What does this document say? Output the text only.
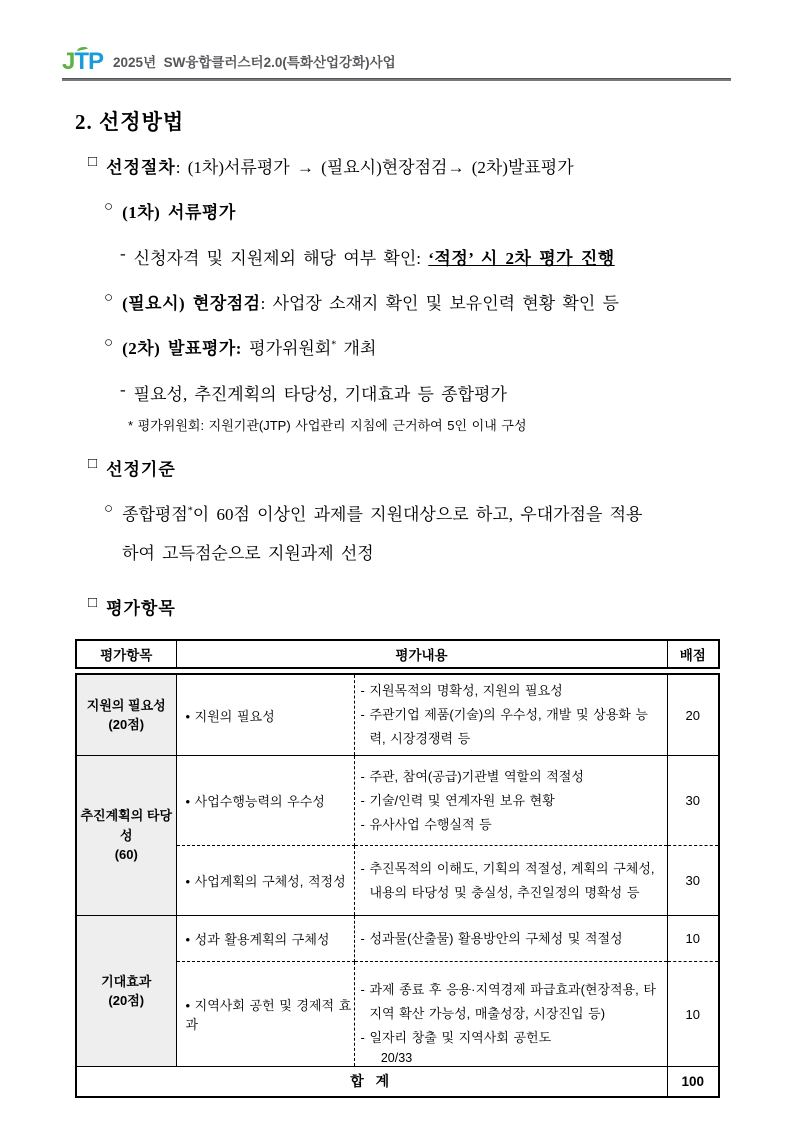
JTP 2025년  SW융합클러스터2.0(특화산업강화)사업
2. 선정방법
□ 선정절차: (1차)서류평가 → (필요시)현장점검→ (2차)발표평가
○ (1차) 서류평가
- 신청자격 및 지원제외 해당 여부 확인: ‘적정’ 시 2차 평가 진행
○ (필요시) 현장점검: 사업장 소재지 확인 및 보유인력 현황 확인 등
○ (2차) 발표평가: 평가위원회* 개최
- 필요성, 추진계획의 타당성, 기대효과 등 종합평가
* 평가위원회: 지원기관(JTP) 사업관리 지침에 근거하여 5인 이내 구성
□ 선정기준
○ 종합평점*이 60점 이상인 과제를 지원대상으로 하고, 우대가점을 적용
하여 고득점순으로 지원과제 선정
□ 평가항목
평가항목	평가내용	배점
지원의 필요성
(20점)
	• 지원의 필요성	
- 지원목적의 명확성, 지원의 필요성
- 주관기업 제품(기술)의 우수성, 개발 및 상용화 능력, 시장경쟁력 등
	20

추진계획의 타당성
(60)
	• 사업수행능력의 우수성	
- 주관, 참여(공급)기관별 역할의 적절성
- 기술/인력 및 연계자원 보유 현황
- 유사사업 수행실적 등
	30
	• 사업계획의 구체성, 적정성	- 추진목적의 이해도, 기획의 적절성, 계획의 구체성, 내용의 타당성 및 충실성, 추진일정의 명확성 등	30

기대효과
(20점)	• 성과 활용계획의 구체성	- 성과물(산출물) 활용방안의 구체성 및 적절성	10
	• 지역사회 공헌 및 경제적 효과	- 과제 종료 후 응용·지역경제 파급효과(현장적용, 타지역 확산 가능성, 매출성장, 시장진입 등)
- 일자리 창출 및 지역사회 공헌도	10
합 계			100
20/33
